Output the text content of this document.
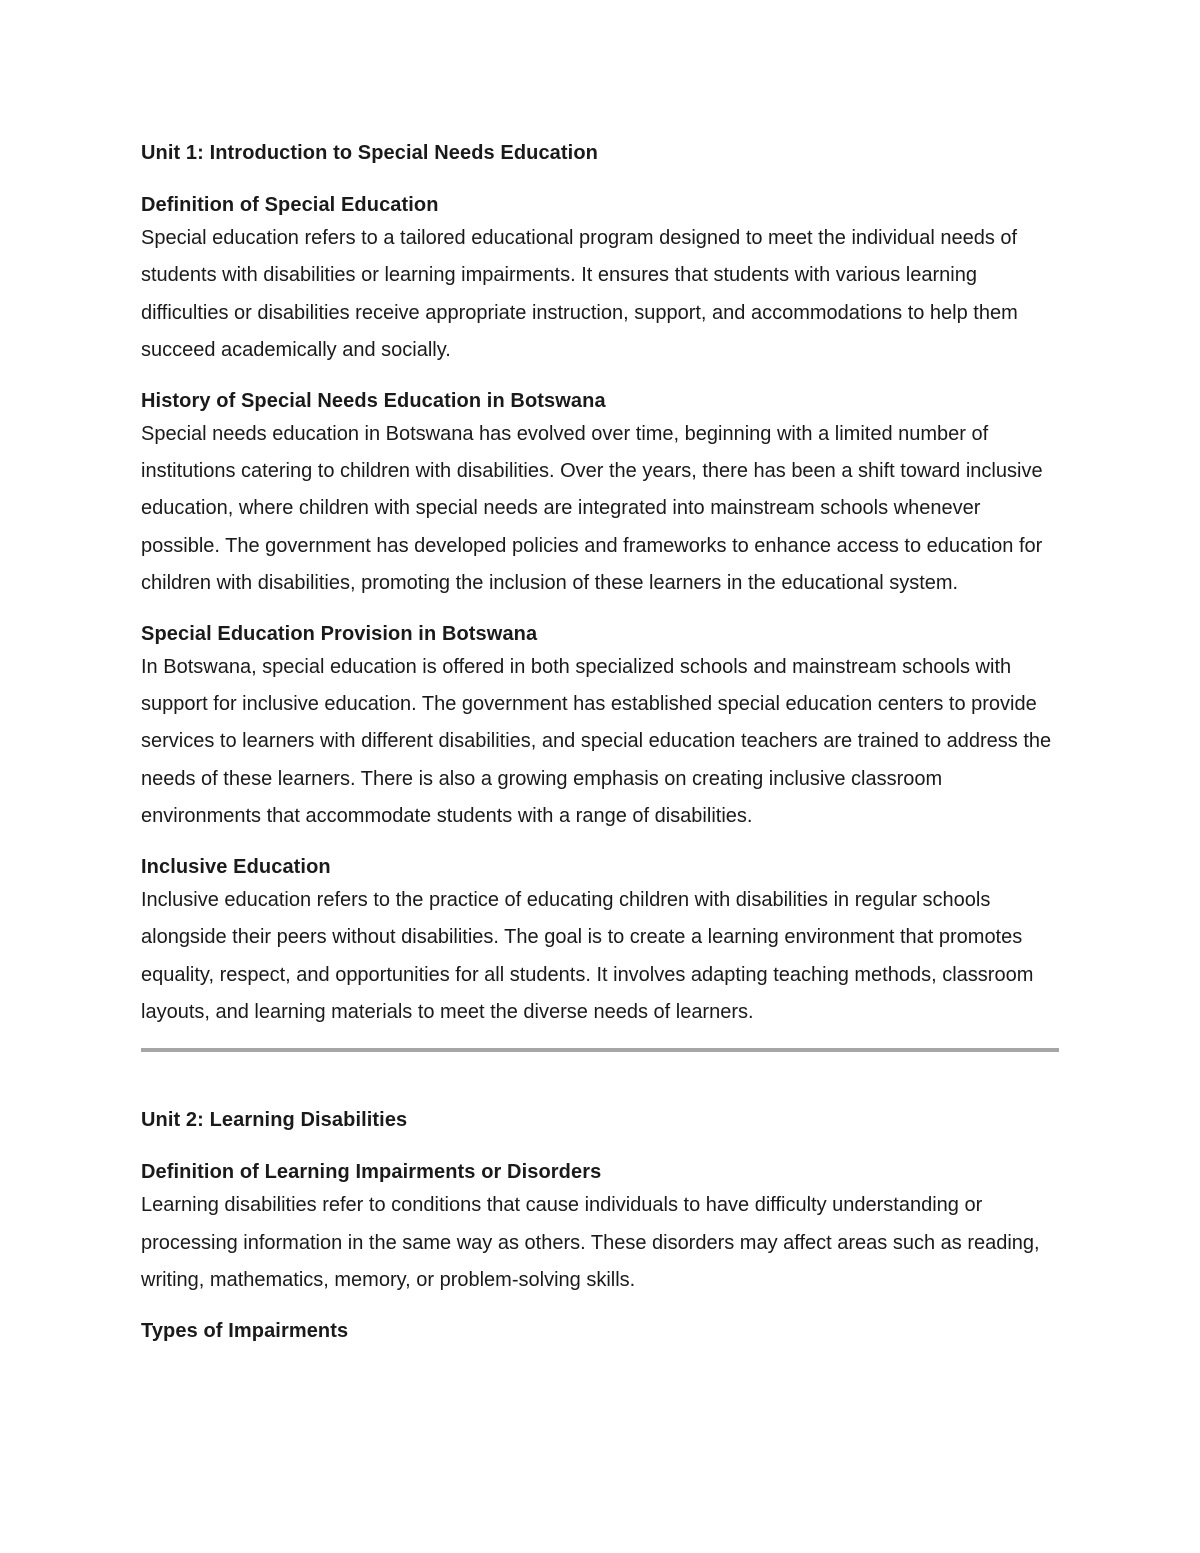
Unit 1: Introduction to Special Needs Education
Definition of Special Education

Special education refers to a tailored educational program designed to meet the individual needs of students with disabilities or learning impairments. It ensures that students with various learning difficulties or disabilities receive appropriate instruction, support, and accommodations to help them succeed academically and socially.

History of Special Needs Education in Botswana

Special needs education in Botswana has evolved over time, beginning with a limited number of institutions catering to children with disabilities. Over the years, there has been a shift toward inclusive education, where children with special needs are integrated into mainstream schools whenever possible. The government has developed policies and frameworks to enhance access to education for children with disabilities, promoting the inclusion of these learners in the educational system.

Special Education Provision in Botswana

In Botswana, special education is offered in both specialized schools and mainstream schools with support for inclusive education. The government has established special education centers to provide services to learners with different disabilities, and special education teachers are trained to address the needs of these learners. There is also a growing emphasis on creating inclusive classroom environments that accommodate students with a range of disabilities.

Inclusive Education

Inclusive education refers to the practice of educating children with disabilities in regular schools alongside their peers without disabilities. The goal is to create a learning environment that promotes equality, respect, and opportunities for all students. It involves adapting teaching methods, classroom layouts, and learning materials to meet the diverse needs of learners.

Unit 2: Learning Disabilities
Definition of Learning Impairments or Disorders

Learning disabilities refer to conditions that cause individuals to have difficulty understanding or processing information in the same way as others. These disorders may affect areas such as reading, writing, mathematics, memory, or problem-solving skills.

Types of Impairments
